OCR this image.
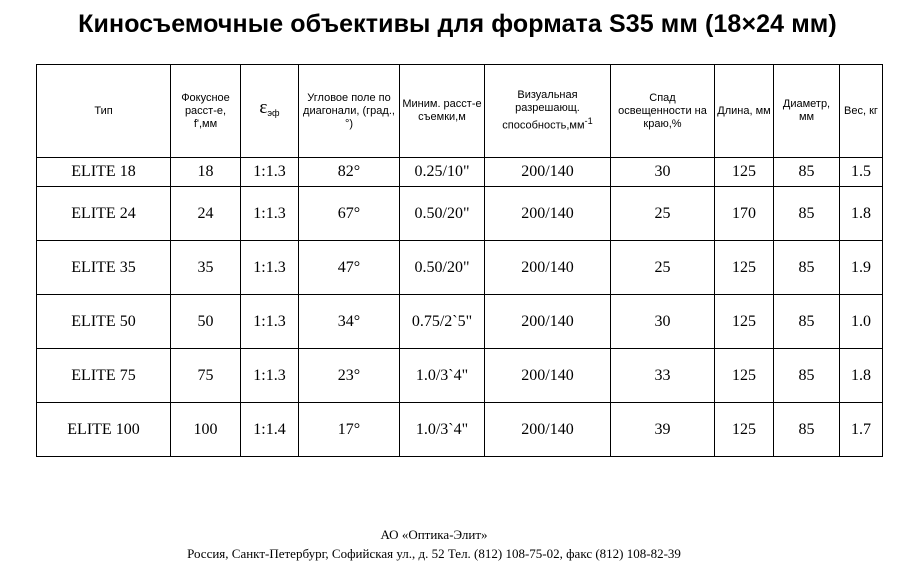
Киносъемочные объективы для формата S35 мм (18×24 мм)
Тип	Фокусное расст-е, f',мм	$\varepsilon_{эф}$	Угловое поле по диагонали, (град.,°)	Миним. расст-е съемки,м	Визуальная разрешающ. $способность,мм^{-1}$	Спад освещенности на краю,%	Длина, мм	Диаметр, мм	Вес, кг
ELITE 18	18	1:1.3	82°	0.25/10"	200/140	30	125	85	1.5
ELITE 24	24	1:1.3	67°	0.50/20"	200/140	25	170	85	1.8
ELITE 35	35	1:1.3	47°	0.50/20"	200/140	25	125	85	1.9
ELITE 50	50	1:1.3	34°	0.75/2`5"	200/140	30	125	85	1.0
ELITE 75	75	1:1.3	23°	1.0/3`4"	200/140	33	125	85	1.8
ELITE 100	100	1:1.4	17°	1.0/3`4"	200/140	39	125	85	1.7
АО «Оптика-Элит»
Россия, Санкт-Петербург, Софийская ул., д. 52 Тел. (812) 108-75-02, факс (812) 108-82-39
